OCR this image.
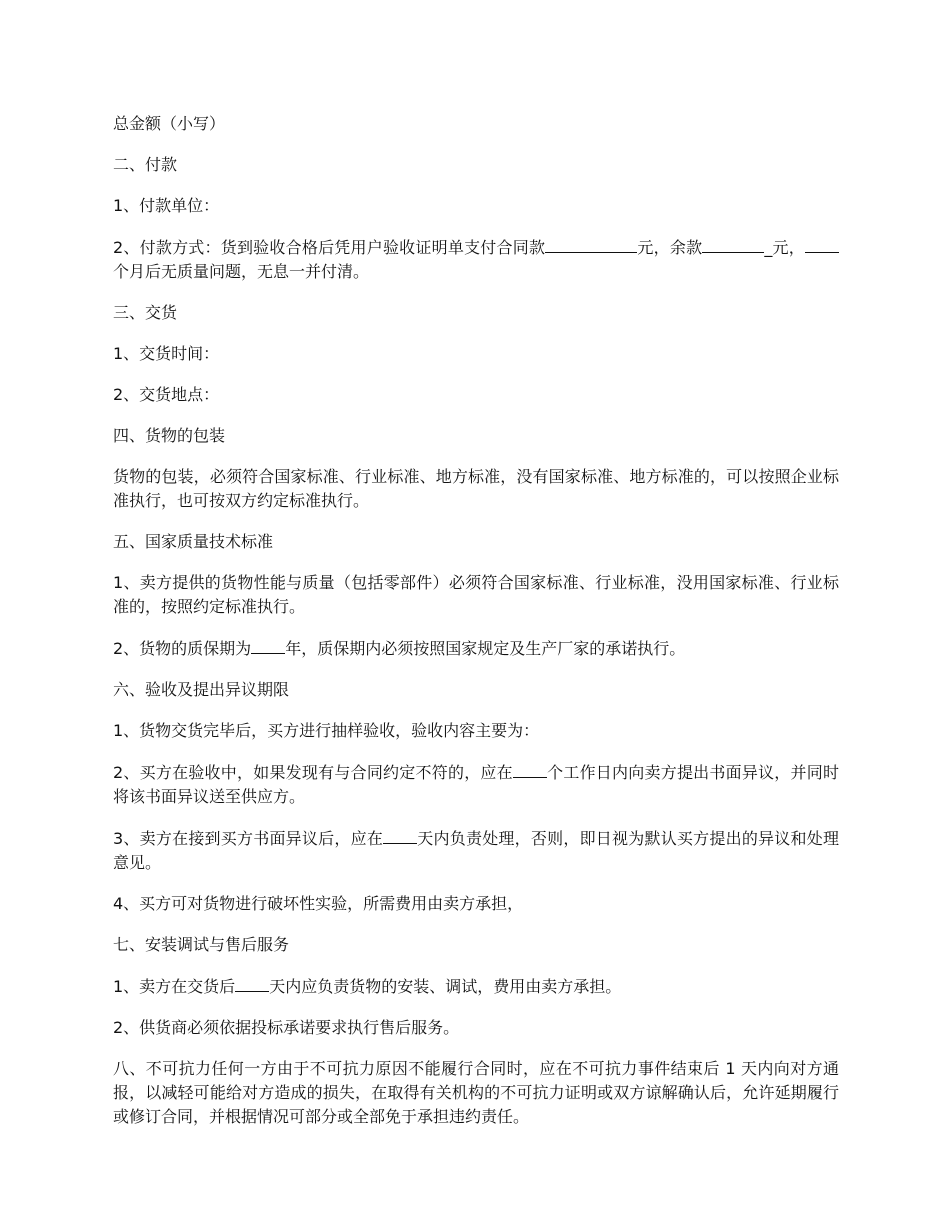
总金额（小写）

二、付款

1、付款单位：

2、付款方式：货到验收合格后凭用户验收证明单支付合同款	元，余款	_元，个月后无质量问题，无息一并付清。

三、交货

1、交货时间：

2、交货地点：

四、货物的包装

货物的包装，必须符合国家标准、行业标准、地方标准，没有国家标准、地方标准的，可以按照企业标准执行，也可按双方约定标准执行。

五、国家质量技术标准

1、卖方提供的货物性能与质量（包括零部件）必须符合国家标准、行业标准，没用国家标准、行业标准的，按照约定标准执行。

2、货物的质保期为 年，质保期内必须按照国家规定及生产厂家的承诺执行。

六、验收及提出异议期限

1、货物交货完毕后，买方进行抽样验收，验收内容主要为：

2、买方在验收中，如果发现有与合同约定不符的，应在 个工作日内向卖方提出书面异议，并同时将该书面异议送至供应方。

3、卖方在接到买方书面异议后，应在 天内负责处理，否则，即日视为默认买方提出的异议和处理意见。

4、买方可对货物进行破坏性实验，所需费用由卖方承担，

七、安装调试与售后服务

1、卖方在交货后 天内应负责货物的安装、调试，费用由卖方承担。

2、供货商必须依据投标承诺要求执行售后服务。

八、不可抗力任何一方由于不可抗力原因不能履行合同时，应在不可抗力事件结束后 1 天内向对方通报，以减轻可能给对方造成的损失，在取得有关机构的不可抗力证明或双方谅解确认后，允许延期履行或修订合同，并根据情况可部分或全部免于承担违约责任。
